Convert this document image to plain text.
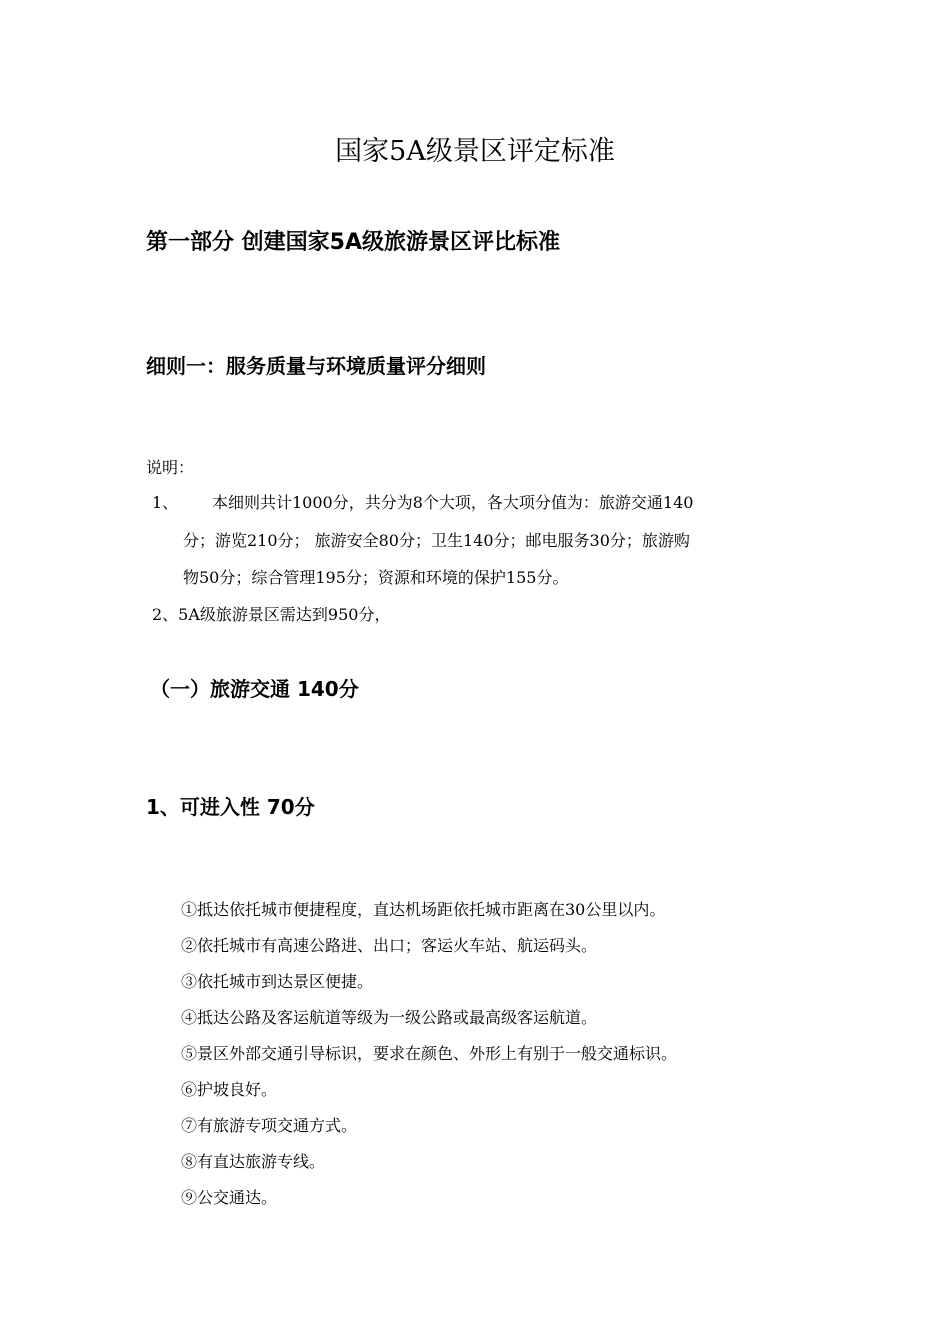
国家5A级景区评定标准
第一部分 创建国家5A级旅游景区评比标准
细则一：服务质量与环境质量评分细则
说明：
1、 本细则共计1000分，共分为8个大项，各大项分值为：旅游交通140
分；游览210分； 旅游安全80分；卫生140分；邮电服务30分；旅游购
物50分；综合管理195分；资源和环境的保护155分。
2、5A级旅游景区需达到950分，
（一）旅游交通 140分
1、可进入性 70分
①抵达依托城市便捷程度，直达机场距依托城市距离在30公里以内。
②依托城市有高速公路进、出口；客运火车站、航运码头。
③依托城市到达景区便捷。
④抵达公路及客运航道等级为一级公路或最高级客运航道。
⑤景区外部交通引导标识，要求在颜色、外形上有别于一般交通标识。
⑥护坡良好。
⑦有旅游专项交通方式。
⑧有直达旅游专线。
⑨公交通达。
